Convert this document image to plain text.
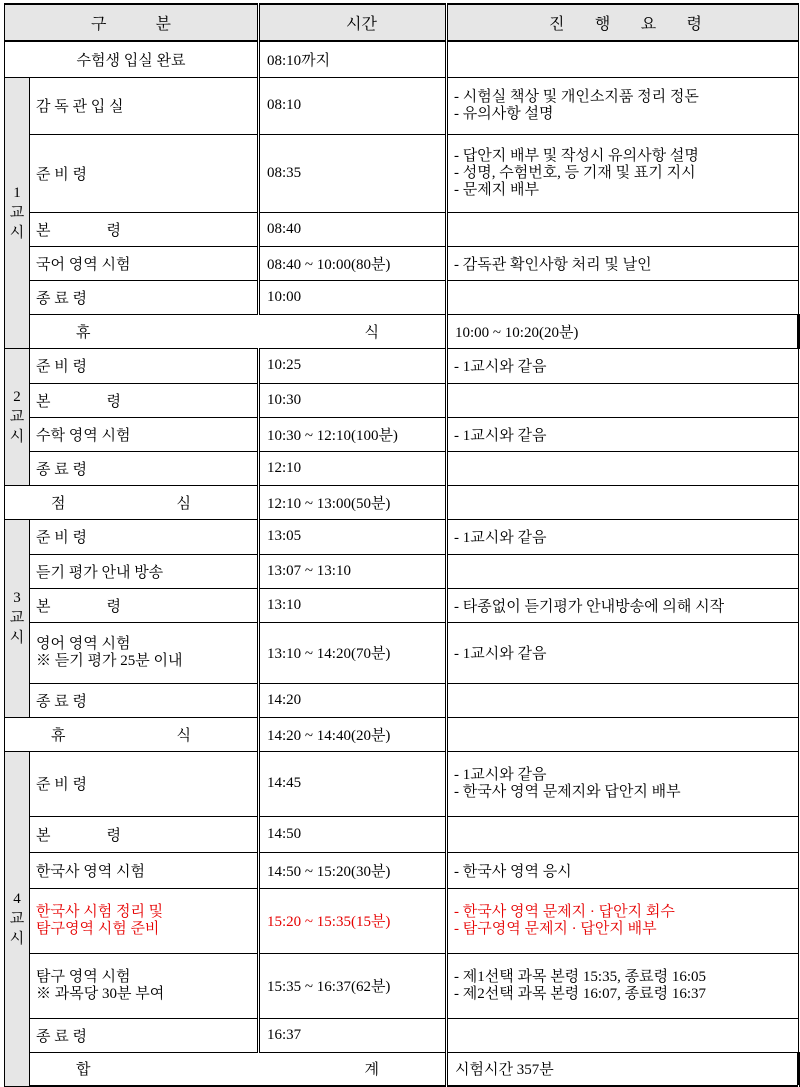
구 분		시 간	진 행 요 령	

수험생 입실 완료		08:10까지		

1
교
시	감 독 관 입 실	08:10	- 시험실 책상 및 개인소지품 정리 정돈
- 유의사항 설명	

	준 비 령	08:35	- 답안지 배부 및 작성시 유의사항 설명
- 성명, 수험번호, 등 기재 및 표기 지시
- 문제지 배부	

	본 령	08:40		
	국어 영역 시험	08:40 ~ 10:00(80분)	- 감독관 확인사항 처리 및 날인	
	종 료 령	10:00		

	휴 식		10:00 ~ 10:20(20분)	

2
교
시	준 비 령	10:25	- 1교시와 같음	

	본 령	10:30		
	수학 영역 시험	10:30 ~ 12:10(100분)	- 1교시와 같음	
	종 료 령	12:10		

점 심		12:10 ~ 13:00(50분)		

3
교
시	준 비 령	13:05	- 1교시와 같음	
	듣기 평가 안내 방송	13:07 ~ 13:10		

	본 령	13:10	- 타종없이 듣기평가 안내방송에 의해 시작	

	영어 영역 시험
※ 듣기 평가 25분 이내	13:10 ~ 14:20(70분)	- 1교시와 같음	
	종 료 령	14:20		

휴 식		14:20 ~ 14:40(20분)		

4
교
시	준 비 령	14:45	- 1교시와 같음
- 한국사 영역 문제지와 답안지 배부	

	본 령	14:50		
	한국사 영역 시험	14:50 ~ 15:20(30분)	- 한국사 영역 응시	

	한국사 시험 정리 및
탐구영역 시험 준비	15:20 ~ 15:35(15분)	- 한국사 영역 문제지 · 답안지 회수
- 탐구영역 문제지 · 답안지 배부	

	탐구 영역 시험
※ 과목당 30분 부여	15:35 ~ 16:37(62분)	- 제1선택 과목 본령 15:35, 종료령 16:05
- 제2선택 과목 본령 16:07, 종료령 16:37	

	종 료 령	16:37		

	합 계		시험시간 357분	
